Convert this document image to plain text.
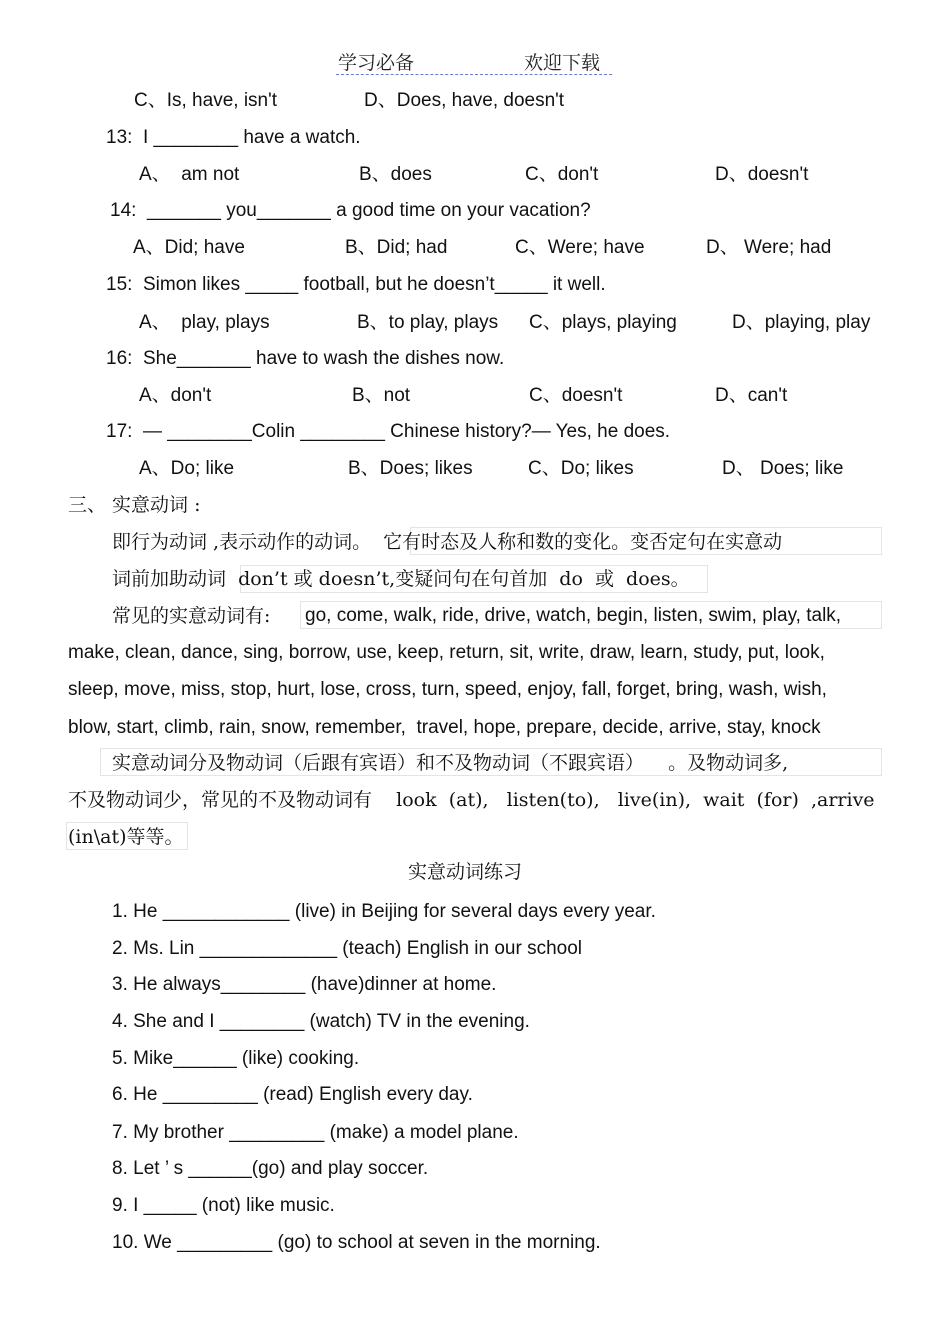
学习必备	欢迎下载
C、Is, have, isn't	D、Does, have, doesn't
13:  I ________ have a watch.
A、  am not	B、does	C、don't	D、doesn't
14:  _______ you_______ a good time on your vacation?
A、Did; have	B、Did; had	C、Were; have	D、 Were; had
15:  Simon likes _____ football, but he doesn’t_____ it well.
A、  play, plays	B、to play, plays C、plays, playing	D、playing, play
16:  She_______ have to wash the dishes now.
A、don't	B、not	C、doesn't	D、can't
17:  — ________Colin ________ Chinese history?— Yes, he does.
A、Do; like	B、Does; likes	C、Do; likes	D、 Does; like
三、 实意动词 :
即行为动词 ,表示动作的动词。  它有时态及人称和数的变化。变否定句在实意动
词前加助动词  don’t 或 doesn’t,变疑问句在句首加  do  或  does。
常见的实意动词有: go, come, walk, ride, drive, watch, begin, listen, swim, play, talk,
make, clean, dance, sing, borrow, use, keep, return, sit, write, draw, learn, study, put, look,
sleep, move, miss, stop, hurt, lose, cross, turn, speed, enjoy, fall, forget, bring, wash, wish,
blow, start, climb, rain, snow, remember,  travel, hope, prepare, decide, arrive, stay, knock
实意动词分及物动词（后跟有宾语）和不及物动词（不跟宾语）    。及物动词多,
不及物动词少，常见的不及物动词有    look  (at),   listen(to),   live(in),  wait  (for)  ,arrive
(in\at)等等。
实意动词练习
1. He ____________ (live) in Beijing for several days every year.
2. Ms. Lin _____________ (teach) English in our school
3. He always________ (have)dinner at home.
4. She and I ________ (watch) TV in the evening.
5. Mike______ (like) cooking.
6. He _________ (read) English every day.
7. My brother _________ (make) a model plane.
8. Let ’ s ______(go) and play soccer.
9. I _____ (not) like music.
10. We _________ (go) to school at seven in the morning.
